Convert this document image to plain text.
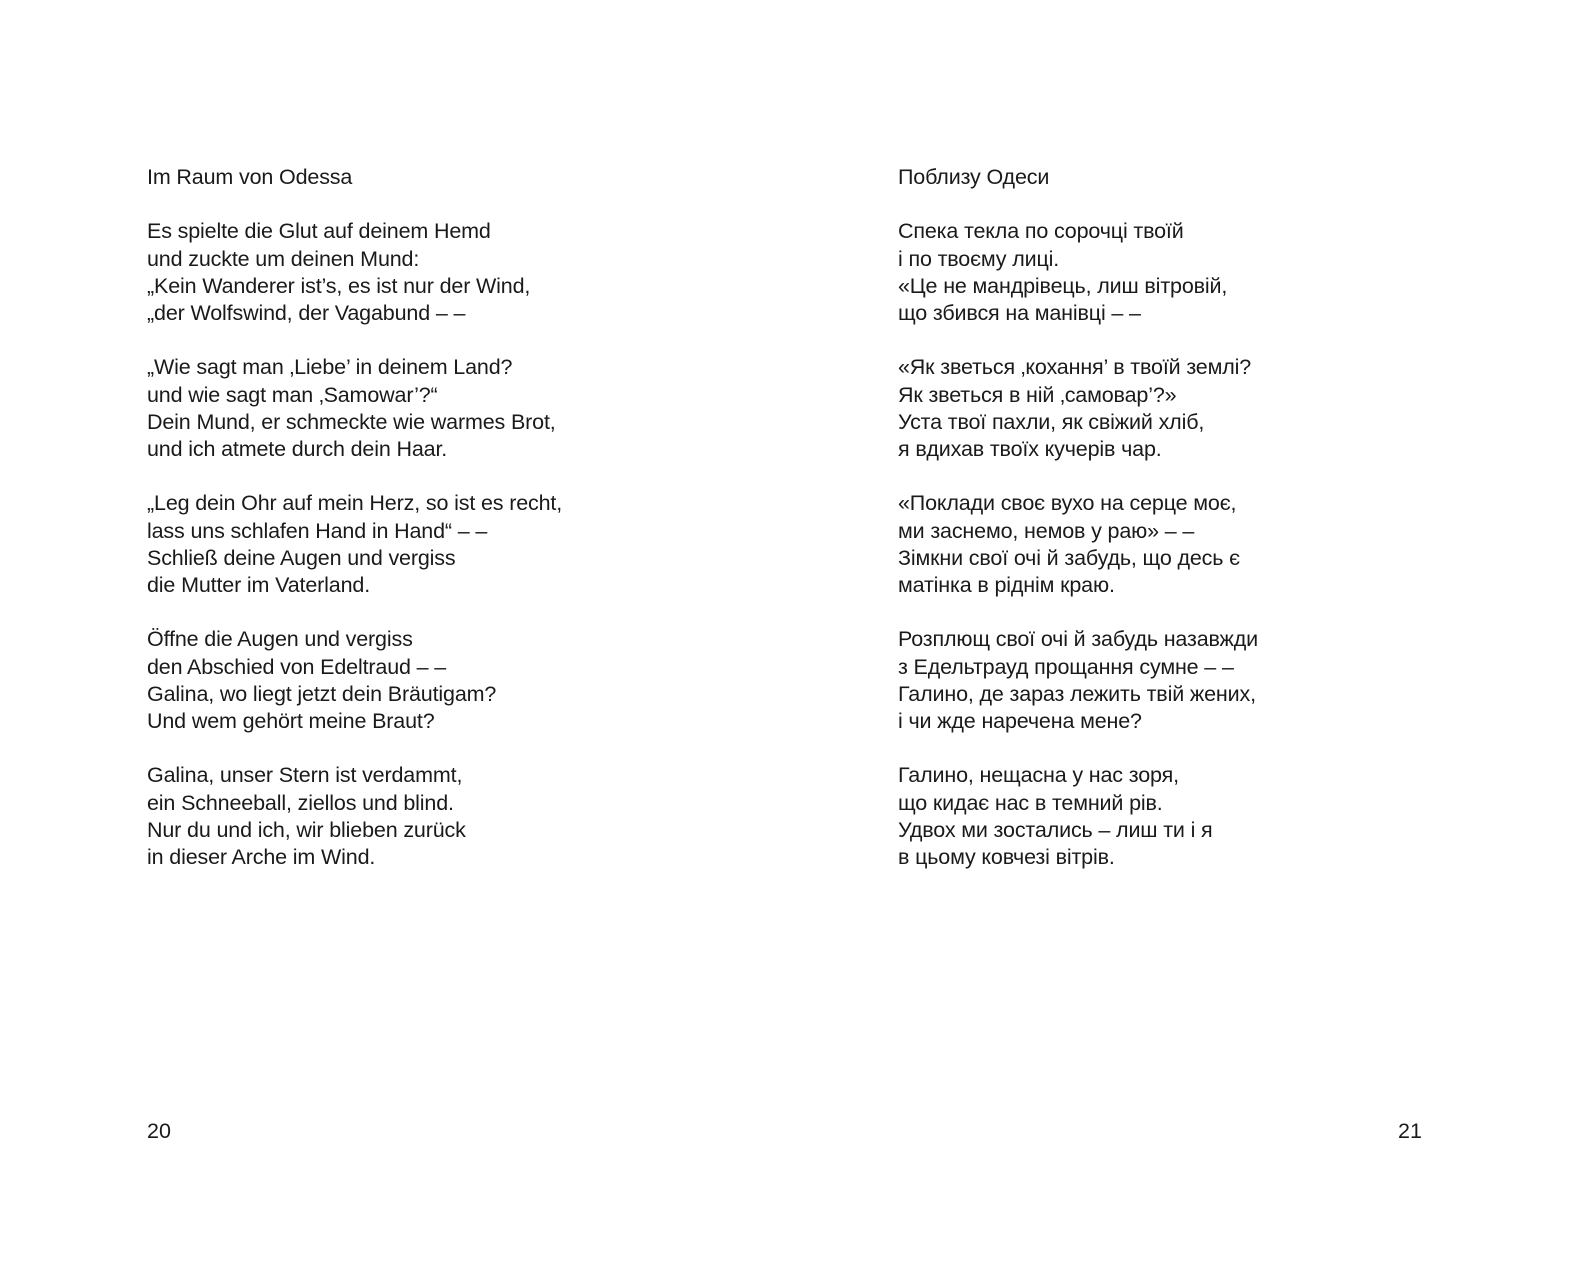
Im Raum von Odessa
Es spielte die Glut auf deinem Hemd
und zuckte um deinen Mund:
„Kein Wanderer ist’s, es ist nur der Wind,
„der Wolfswind, der Vagabund – –
„Wie sagt man ‚Liebe’ in deinem Land?
und wie sagt man ‚Samowar’?“
Dein Mund, er schmeckte wie warmes Brot,
und ich atmete durch dein Haar.
„Leg dein Ohr auf mein Herz, so ist es recht,
lass uns schlafen Hand in Hand“ – –
Schließ deine Augen und vergiss
die Mutter im Vaterland.
Öffne die Augen und vergiss
den Abschied von Edeltraud – –
Galina, wo liegt jetzt dein Bräutigam?
Und wem gehört meine Braut?
Galina, unser Stern ist verdammt,
ein Schneeball, ziellos und blind.
Nur du und ich, wir blieben zurück
in dieser Arche im Wind.
20
Поблизу Одеси
Спека текла по сорочці твоїй
і по твоєму лиці.
«Це не мандрівець, лиш вітровій,
що збився на манівці – –
«Як зветься ‚кохання’ в твоїй землі?
Як зветься в ній ‚самовар’?»
Уста твої пахли, як свіжий хліб,
я вдихав твоїх кучерів чар.
«Поклади своє вухо на серце моє,
ми заснемо, немов у раю» – –
Зімкни свої очі й забудь, що десь є
матінка в ріднім краю.
Розплющ свої очі й забудь назавжди
з Едельтрауд прощання сумне – –
Галино, де зараз лежить твій жених,
і чи жде наречена мене?
Галино, нещасна у нас зоря,
що кидає нас в темний рів.
Удвох ми зостались – лиш ти і я
в цьому ковчезі вітрів.
21
